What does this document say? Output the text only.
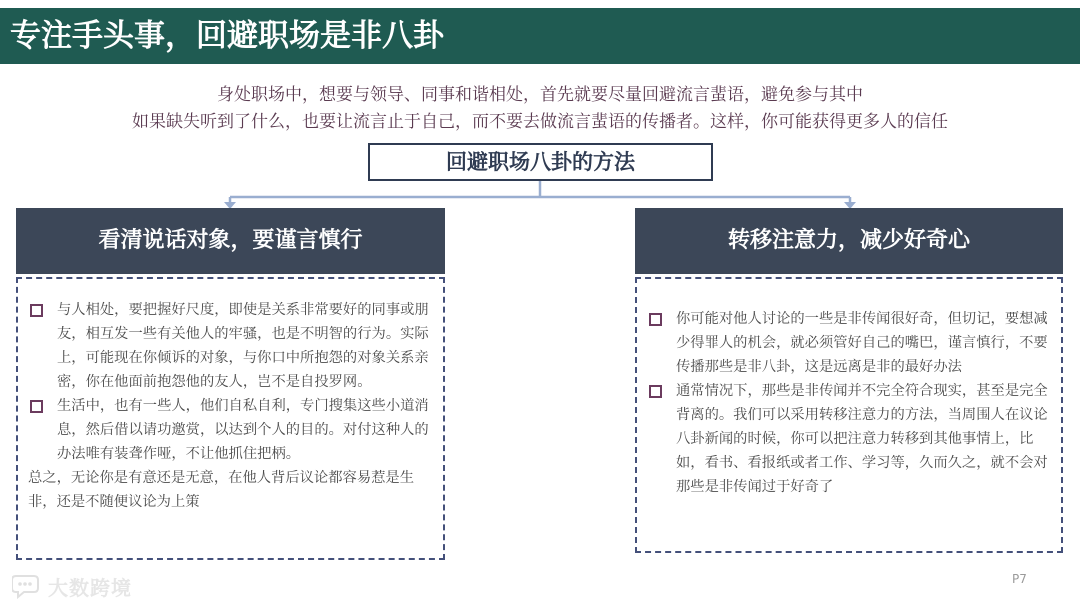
专注手头事，回避职场是非八卦
身处职场中，想要与领导、同事和谐相处，首先就要尽量回避流言蜚语，避免参与其中
如果缺失听到了什么，也要让流言止于自己，而不要去做流言蜚语的传播者。这样，你可能获得更多人的信任
回避职场八卦的方法
看清说话对象，要谨言慎行	转移注意力，减少好奇心
与人相处，要把握好尺度，即使是关系非常要好的同事或朋友，相互发一些有关他人的牢骚，也是不明智的行为。实际上，可能现在你倾诉的对象，与你口中所抱怨的对象关系亲密，你在他面前抱怨他的友人，岂不是自投罗网。
生活中，也有一些人，他们自私自利，专门搜集这些小道消息，然后借以请功邀赏，以达到个人的目的。对付这种人的办法唯有装聋作哑，不让他抓住把柄。
总之，无论你是有意还是无意，在他人背后议论都容易惹是生非，还是不随便议论为上策
你可能对他人讨论的一些是非传闻很好奇，但切记，要想减少得罪人的机会，就必须管好自己的嘴巴，谨言慎行，不要传播那些是非八卦，这是远离是非的最好办法
通常情况下，那些是非传闻并不完全符合现实，甚至是完全背离的。我们可以采用转移注意力的方法，当周围人在议论八卦新闻的时候，你可以把注意力转移到其他事情上，比如，看书、看报纸或者工作、学习等，久而久之，就不会对那些是非传闻过于好奇了
大数跨境	P7
